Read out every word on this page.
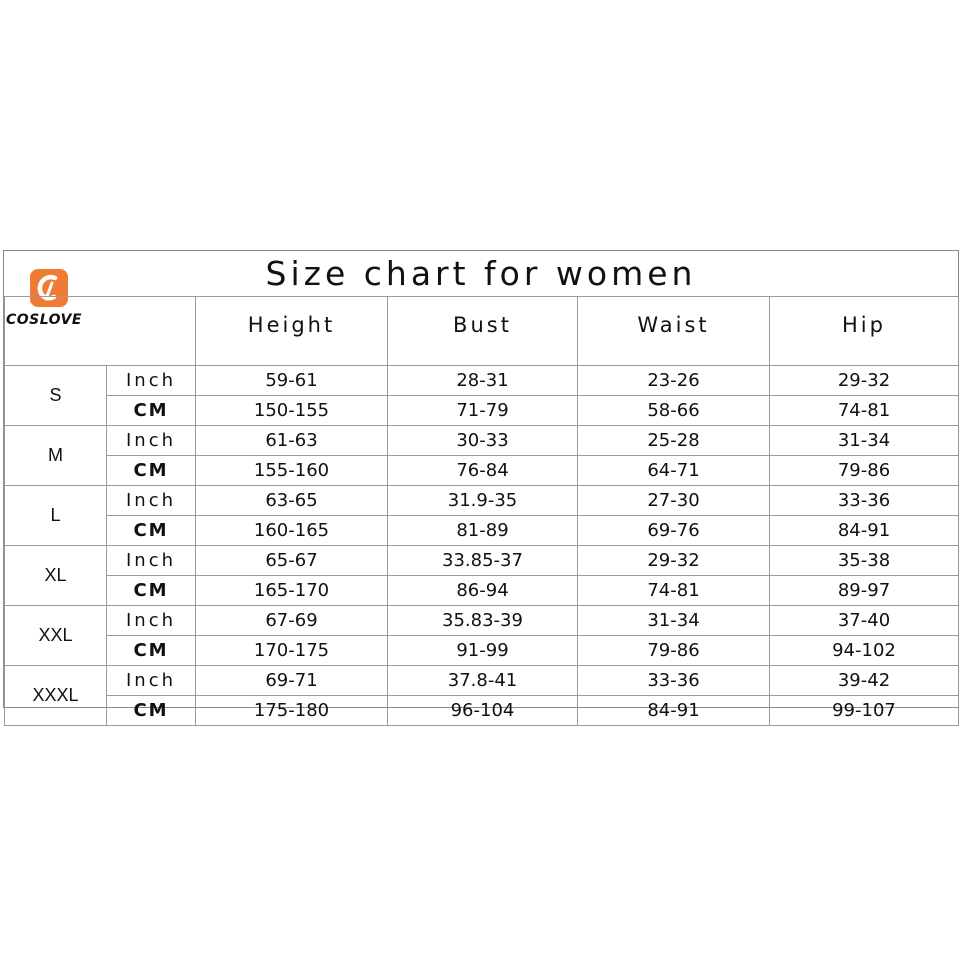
Size chart for women
COSLOVE
		Height	Bust	Waist	Hip
S	Inch	59-61	28-31	23-26	29-32
	CM	150-155	71-79	58-66	74-81
M	Inch	61-63	30-33	25-28	31-34
	CM	155-160	76-84	64-71	79-86
L	Inch	63-65	31.9-35	27-30	33-36
	CM	160-165	81-89	69-76	84-91
XL	Inch	65-67	33.85-37	29-32	35-38
	CM	165-170	86-94	74-81	89-97
XXL	Inch	67-69	35.83-39	31-34	37-40
	CM	170-175	91-99	79-86	94-102
XXXL	Inch	69-71	37.8-41	33-36	39-42
	CM	175-180	96-104	84-91	99-107
